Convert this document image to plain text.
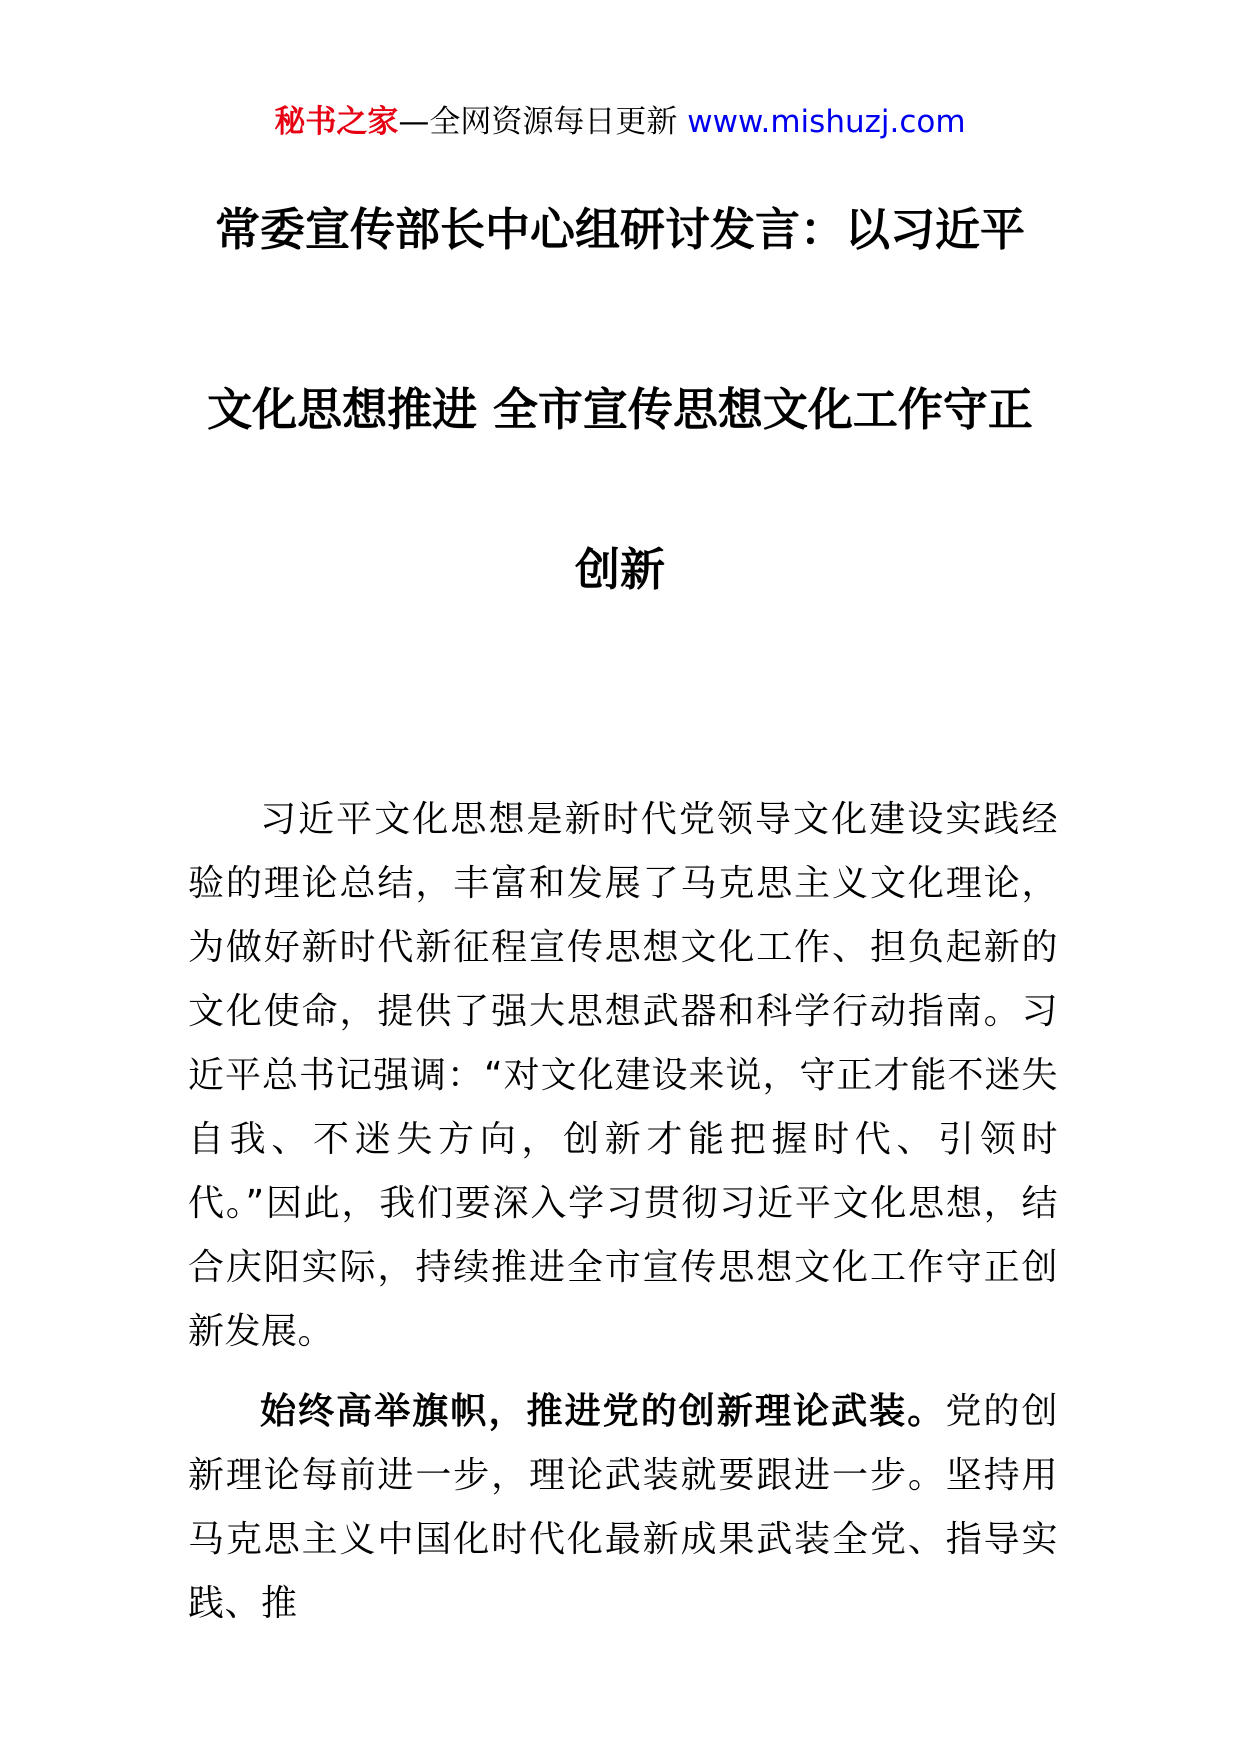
秘书之家—全网资源每日更新 www.mishuzj.com
常委宣传部长中心组研讨发言：以习近平
文化思想推进 全市宣传思想文化工作守正
创新

习近平文化思想是新时代党领导文化建设实践经验的理论总结，丰富和发展了马克思主义文化理论，为做好新时代新征程宣传思想文化工作、担负起新的文化使命，提供了强大思想武器和科学行动指南。习近平总书记强调：“对文化建设来说，守正才能不迷失自我、不迷失方向，创新才能把握时代、引领时代。”因此，我们要深入学习贯彻习近平文化思想，结合庆阳实际，持续推进全市宣传思想文化工作守正创新发展。

始终高举旗帜，推进党的创新理论武装。党的创新理论每前进一步，理论武装就要跟进一步。坚持用马克思主义中国化时代化最新成果武装全党、指导实践、推
